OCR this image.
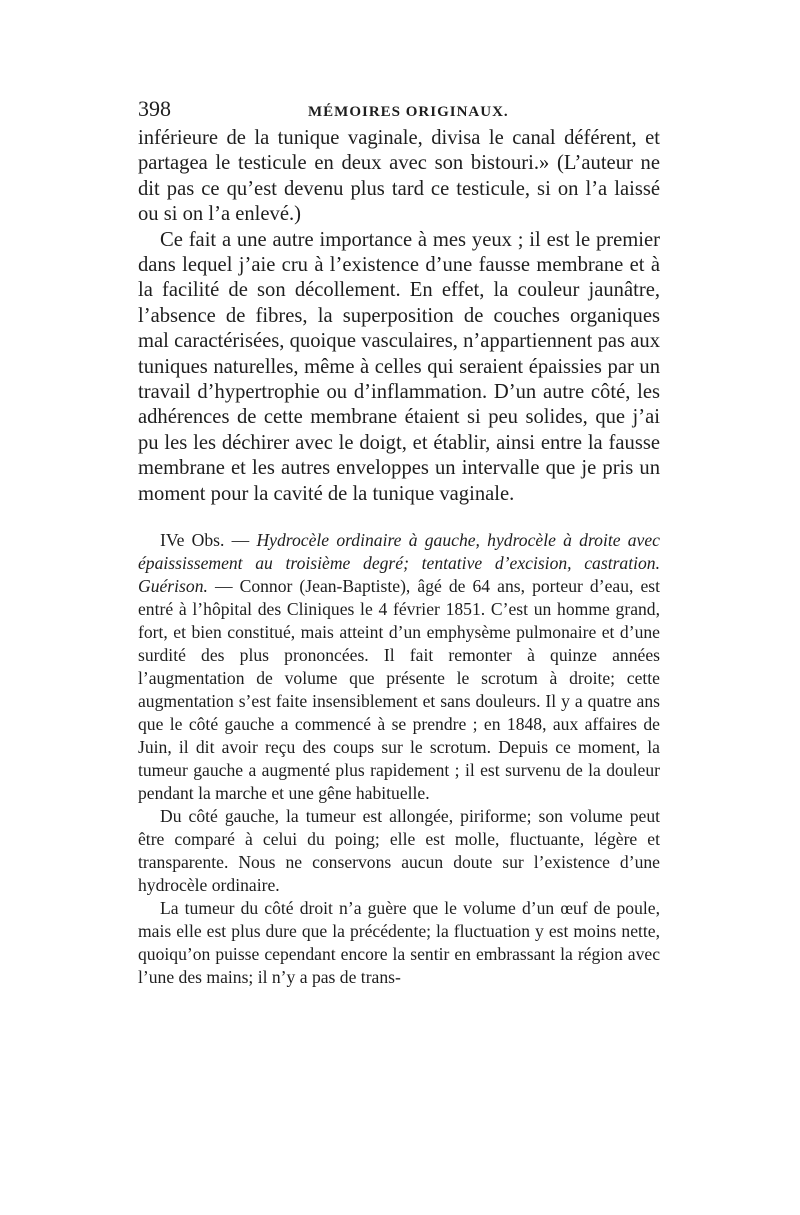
398	MÉMOIRES ORIGINAUX.

inférieure de la tunique vaginale, divisa le canal déférent, et partagea le testicule en deux avec son bistouri.» (L’auteur ne dit pas ce qu’est devenu plus tard ce testicule, si on l’a laissé ou si on l’a enlevé.)

Ce fait a une autre importance à mes yeux ; il est le premier dans lequel j’aie cru à l’existence d’une fausse membrane et à la facilité de son décollement. En effet, la couleur jaunâtre, l’absence de fibres, la superposition de couches organiques mal caractérisées, quoique vasculaires, n’appartiennent pas aux tuniques naturelles, même à celles qui seraient épaissies par un travail d’hypertrophie ou d’inflammation. D’un autre côté, les adhérences de cette membrane étaient si peu solides, que j’ai pu les les déchirer avec le doigt, et établir, ainsi entre la fausse membrane et les autres enveloppes un intervalle que je pris un moment pour la cavité de la tunique vaginale.

IVe Obs. — Hydrocèle ordinaire à gauche, hydrocèle à droite avec épaississement au troisième degré; tentative d’excision, castration. Guérison. — Connor (Jean-Baptiste), âgé de 64 ans, porteur d’eau, est entré à l’hôpital des Cliniques le 4 février 1851. C’est un homme grand, fort, et bien constitué, mais atteint d’un emphysème pulmonaire et d’une surdité des plus prononcées. Il fait remonter à quinze années l’augmentation de volume que présente le scrotum à droite; cette augmentation s’est faite insensiblement et sans douleurs. Il y a quatre ans que le côté gauche a commencé à se prendre ; en 1848, aux affaires de Juin, il dit avoir reçu des coups sur le scrotum. Depuis ce moment, la tumeur gauche a augmenté plus rapidement ; il est survenu de la douleur pendant la marche et une gêne habituelle.

Du côté gauche, la tumeur est allongée, piriforme; son volume peut être comparé à celui du poing; elle est molle, fluctuante, légère et transparente. Nous ne conservons aucun doute sur l’existence d’une hydrocèle ordinaire.

La tumeur du côté droit n’a guère que le volume d’un œuf de poule, mais elle est plus dure que la précédente; la fluctuation y est moins nette, quoiqu’on puisse cependant encore la sentir en embrassant la région avec l’une des mains; il n’y a pas de trans-
